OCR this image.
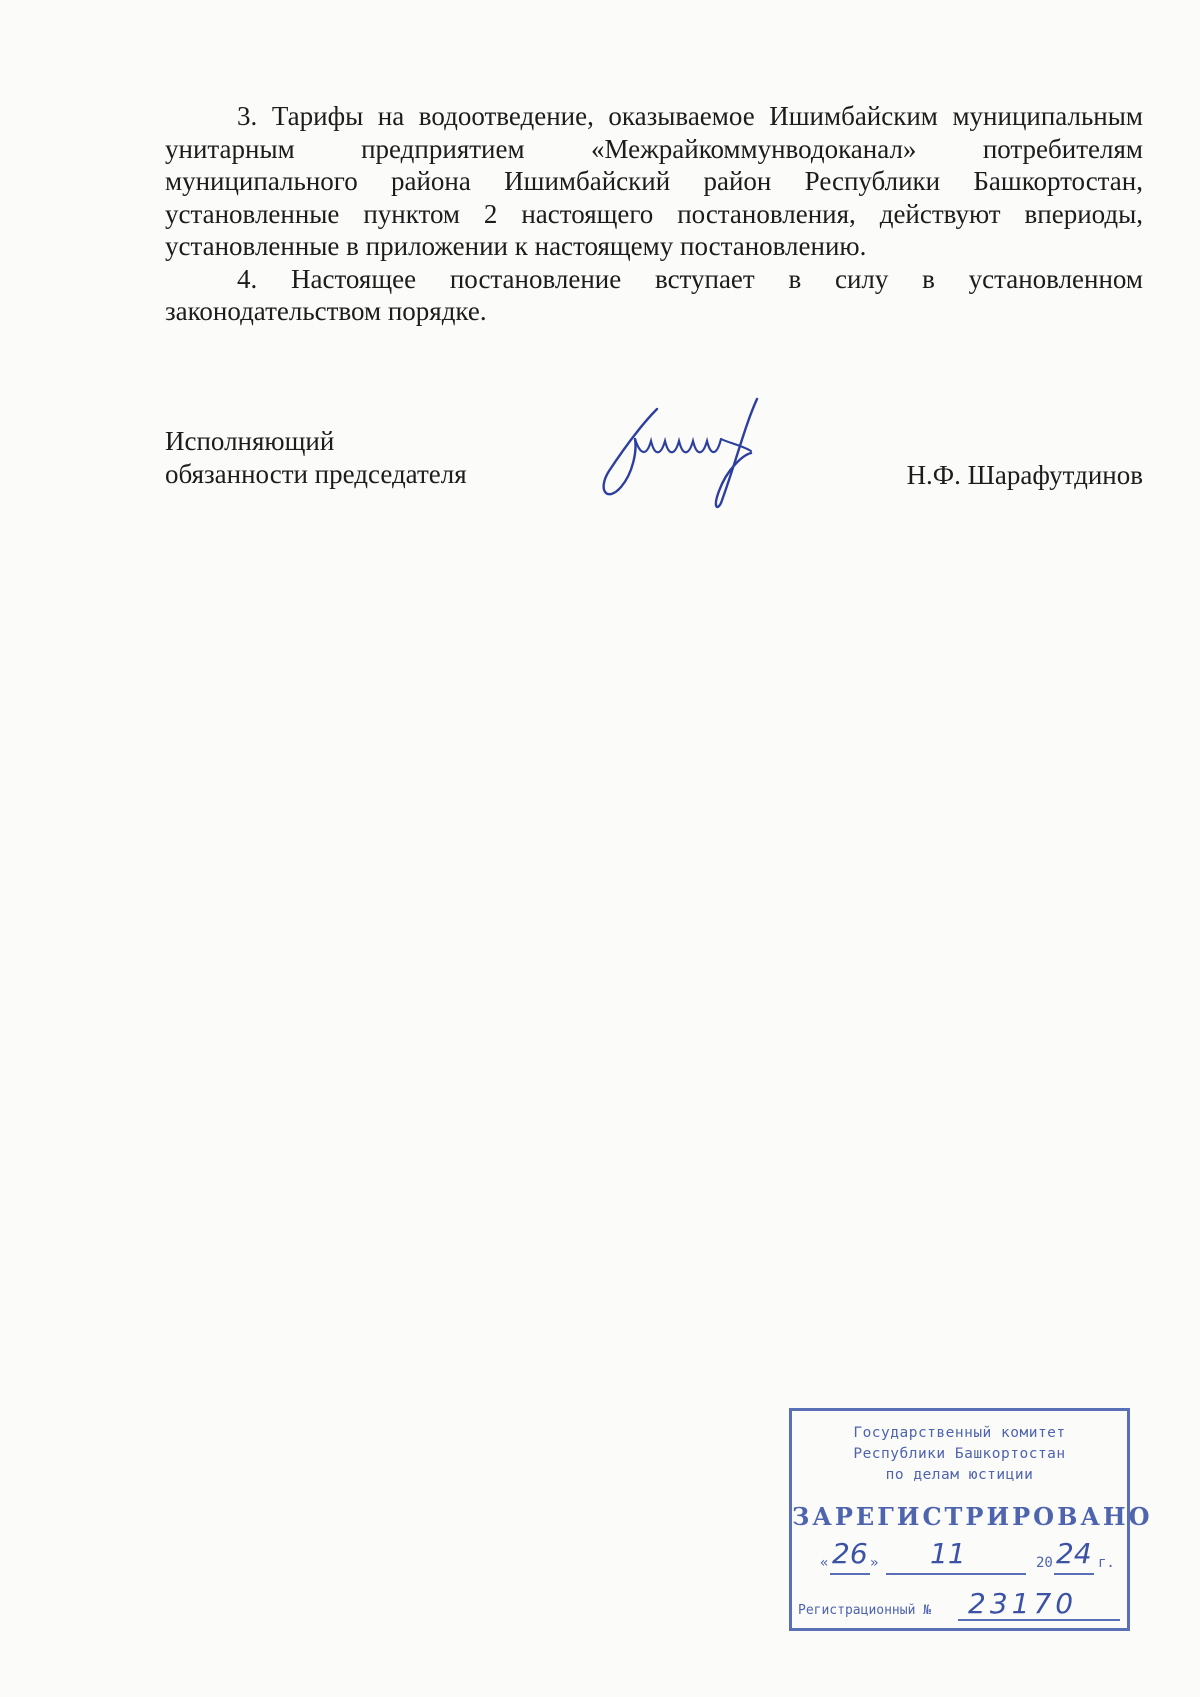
3. Тарифы на водоотведение, оказываемое Ишимбайским муниципальным унитарным предприятием «Межрайкоммунводоканал» потребителям муниципального района Ишимбайский район Республики Башкортостан, установленные пунктом 2 настоящего постановления, действуют впериоды, установленные в приложении к настоящему постановлению.

4. Настоящее постановление вступает в силу в установленном законодательством порядке.

Исполняющий
обязанности председателя	Н.Ф. Шарафутдинов
Государственный комитет
Республики Башкортостан
по делам юстиции
ЗАРЕГИСТРИРОВАНО
« 26 » 11	20 24 г.
Регистрационный № 23170
